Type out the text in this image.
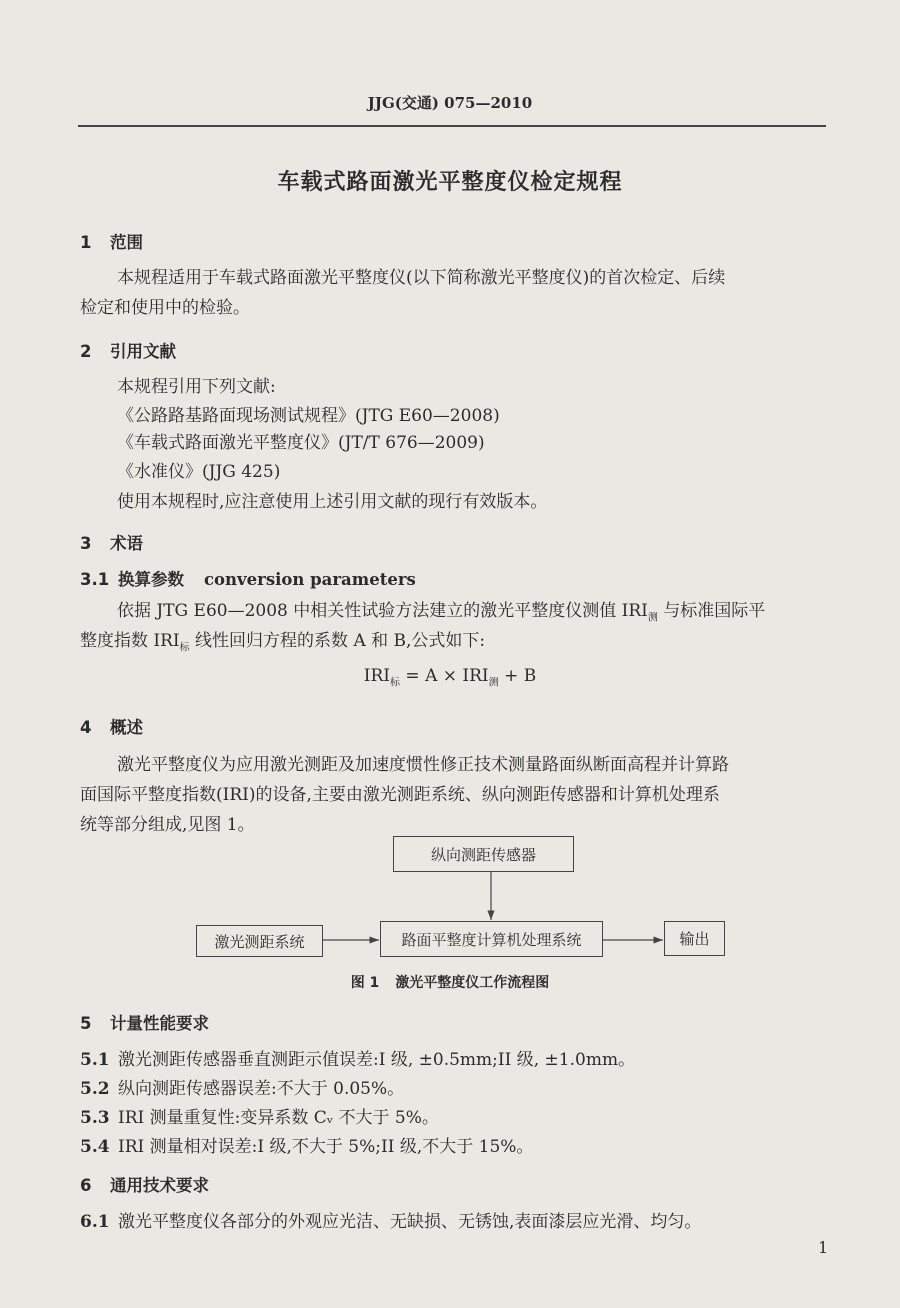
JJG(交通) 075—2010
车载式路面激光平整度仪检定规程
1 范围
本规程适用于车载式路面激光平整度仪(以下简称激光平整度仪)的首次检定、后续
检定和使用中的检验。
2 引用文献
本规程引用下列文献:
《公路路基路面现场测试规程》(JTG E60—2008)
《车载式路面激光平整度仪》(JT/T 676—2009)
《水准仪》(JJG 425)
使用本规程时,应注意使用上述引用文献的现行有效版本。
3 术语
3.1 换算参数 conversion parameters
依据 JTG E60—2008 中相关性试验方法建立的激光平整度仪测值 $IRI_测$ 与标准国际平
整度指数 $IRI_标$ 线性回归方程的系数 A 和 B,公式如下:
$IRI_标 = A \times IRI_测 + B$
4 概述
激光平整度仪为应用激光测距及加速度惯性修正技术测量路面纵断面高程并计算路
面国际平整度指数(IRI)的设备,主要由激光测距系统、纵向测距传感器和计算机处理系
统等部分组成,见图 1。
纵向测距传感器
激光测距系统	路面平整度计算机处理系统	输出
图 1 激光平整度仪工作流程图
5 计量性能要求
5.1 激光测距传感器垂直测距示值误差:I 级, ±0.5mm;II 级, ±1.0mm。
5.2 纵向测距传感器误差:不大于 0.05%。
5.3 IRI 测量重复性:变异系数 Cᵥ 不大于 5%。
5.4 IRI 测量相对误差:I 级,不大于 5%;II 级,不大于 15%。
6 通用技术要求
6.1 激光平整度仪各部分的外观应光洁、无缺损、无锈蚀,表面漆层应光滑、均匀。
1
